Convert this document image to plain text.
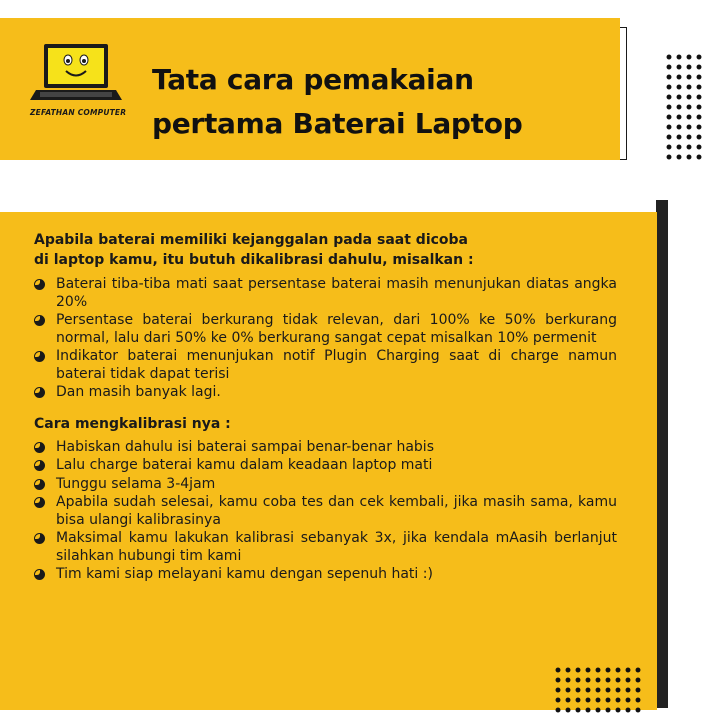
ZEFATHAN COMPUTER
Tata cara pemakaian
pertama Baterai Laptop

Apabila baterai memiliki kejanggalan pada saat dicoba
di laptop kamu, itu butuh dikalibrasi dahulu, misalkan :

Baterai tiba-tiba mati saat persentase baterai masih menunjukan diatas angka 20%
Persentase baterai berkurang tidak relevan, dari 100% ke 50% berkurang normal, lalu dari 50% ke 0% berkurang sangat cepat misalkan 10% permenit
Indikator baterai menunjukan notif Plugin Charging saat di charge namun baterai tidak dapat terisi
Dan masih banyak lagi.
Cara mengkalibrasi nya :
Habiskan dahulu isi baterai sampai benar-benar habis
Lalu charge baterai kamu dalam keadaan laptop mati
Tunggu selama 3-4jam
Apabila sudah selesai, kamu coba tes dan cek kembali, jika masih sama, kamu bisa ulangi kalibrasinya
Maksimal kamu lakukan kalibrasi sebanyak 3x, jika kendala mAasih berlanjut silahkan hubungi tim kami
Tim kami siap melayani kamu dengan sepenuh hati :)
